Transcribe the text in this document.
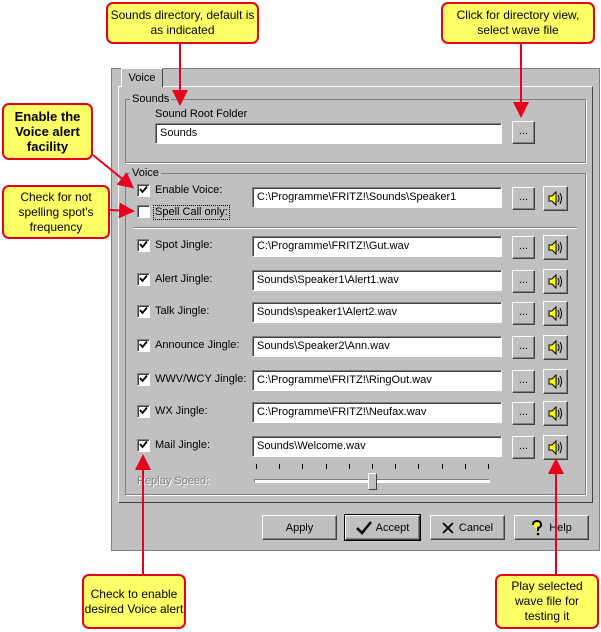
Voice
Sounds
Sound Root Folder
Sounds	...
Voice
Enable Voice:
C:\Programme\FRITZ!\Sounds\Speaker1	...
Spell Call only:
Spot Jingle:	C:\Programme\FRITZ!\Gut.wav	...
Alert Jingle:	Sounds\Speaker1\Alert1.wav	...
Talk Jingle:	Sounds\speaker1\Alert2.wav	...
Announce Jingle:	Sounds\Speaker2\Ann.wav	...
WWV/WCY Jingle: C:\Programme\FRITZ!\RingOut.wav	...
WX Jingle:	C:\Programme\FRITZ!\Neufax.wav	...
Mail Jingle:	Sounds\Welcome.wav	...
Replay Speed:
Apply	Accept	Cancel	Help
Sounds directory, default is as indicated
Click for directory view, select wave file
Enable the Voice alert facility
Check for not spelling spot's frequency
Check to enable desired Voice alert
Play selected wave file for testing it
